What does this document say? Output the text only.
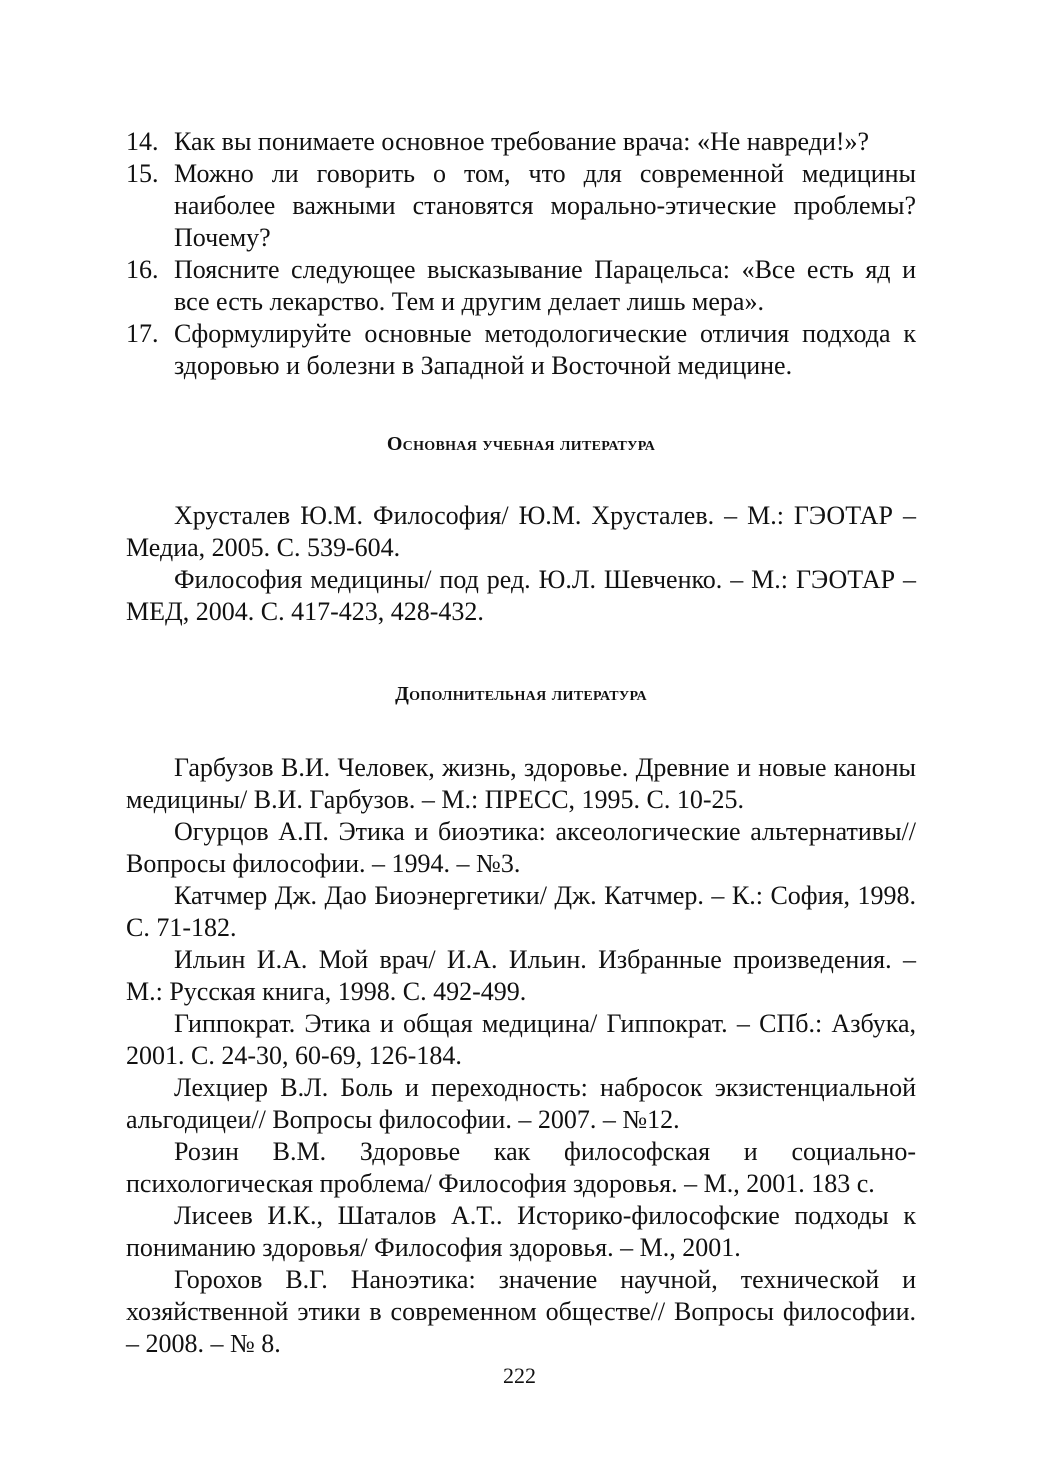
14. Как вы понимаете основное требование врача: «Не навреди!»?
15. Можно ли говорить о том, что для современной медицины наиболее важными становятся морально-этические проблемы? Почему?
16. Поясните следующее высказывание Парацельса: «Все есть яд и все есть лекарство. Тем и другим делает лишь мера».
17. Сформулируйте основные методологические отличия подхода к здоровью и болезни в Западной и Восточной медицине.
Основная учебная литература

Хрусталев Ю.М. Философия/ Ю.М. Хрусталев. – М.: ГЭОТАР – Медиа, 2005. С. 539-604.

Философия медицины/ под ред. Ю.Л. Шевченко. – М.: ГЭОТАР – МЕД, 2004. С. 417-423, 428-432.

Дополнительная литература

Гарбузов В.И. Человек, жизнь, здоровье. Древние и новые каноны медицины/ В.И. Гарбузов. – М.: ПРЕСС, 1995. С. 10-25.

Огурцов А.П. Этика и биоэтика: аксеологические альтернативы// Вопросы философии. – 1994. – №3.

Катчмер Дж. Дао Биоэнергетики/ Дж. Катчмер. – К.: София, 1998. С. 71-182.

Ильин И.А. Мой врач/ И.А. Ильин. Избранные произведения. – М.: Русская книга, 1998. С. 492-499.

Гиппократ. Этика и общая медицина/ Гиппократ. – СПб.: Азбука, 2001. С. 24-30, 60-69, 126-184.

Лехциер В.Л. Боль и переходность: набросок экзистенциальной альгодицеи// Вопросы философии. – 2007. – №12.

Розин В.М. Здоровье как философская и социально-психологическая проблема/ Философия здоровья. – М., 2001. 183 с.

Лисеев И.К., Шаталов А.Т.. Историко-философские подходы к пониманию здоровья/ Философия здоровья. – М., 2001.

Горохов В.Г. Наноэтика: значение научной, технической и хозяйственной этики в современном обществе// Вопросы философии. – 2008. – № 8.

222
